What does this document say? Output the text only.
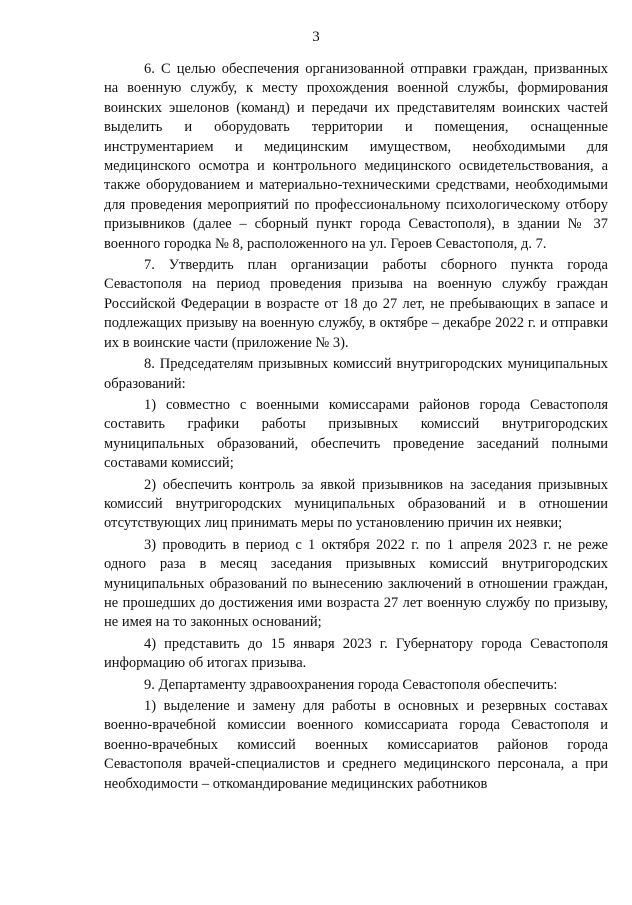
3

6. С целью обеспечения организованной отправки граждан, призванных на военную службу, к месту прохождения военной службы, формирования воинских эшелонов (команд) и передачи их представителям воинских частей выделить и оборудовать территории и помещения, оснащенные инструментарием и медицинским имуществом, необходимыми для медицинского осмотра и контрольного медицинского освидетельствования, а также оборудованием и материально-техническими средствами, необходимыми для проведения мероприятий по профессиональному психологическому отбору призывников (далее – сборный пункт города Севастополя), в здании № 37 военного городка № 8, расположенного на ул. Героев Севастополя, д. 7.

7. Утвердить план организации работы сборного пункта города Севастополя на период проведения призыва на военную службу граждан Российской Федерации в возрасте от 18 до 27 лет, не пребывающих в запасе и подлежащих призыву на военную службу, в октябре – декабре 2022 г. и отправки их в воинские части (приложение № 3).

8. Председателям призывных комиссий внутригородских муниципальных образований:

1) совместно с военными комиссарами районов города Севастополя составить графики работы призывных комиссий внутригородских муниципальных образований, обеспечить проведение заседаний полными составами комиссий;

2) обеспечить контроль за явкой призывников на заседания призывных комиссий внутригородских муниципальных образований и в отношении отсутствующих лиц принимать меры по установлению причин их неявки;

3) проводить в период с 1 октября 2022 г. по 1 апреля 2023 г. не реже одного раза в месяц заседания призывных комиссий внутригородских муниципальных образований по вынесению заключений в отношении граждан, не прошедших до достижения ими возраста 27 лет военную службу по призыву, не имея на то законных оснований;

4) представить до 15 января 2023 г. Губернатору города Севастополя информацию об итогах призыва.

9. Департаменту здравоохранения города Севастополя обеспечить:

1) выделение и замену для работы в основных и резервных составах военно-врачебной комиссии военного комиссариата города Севастополя и военно-врачебных комиссий военных комиссариатов районов города Севастополя врачей-специалистов и среднего медицинского персонала, а при необходимости – откомандирование медицинских работников
